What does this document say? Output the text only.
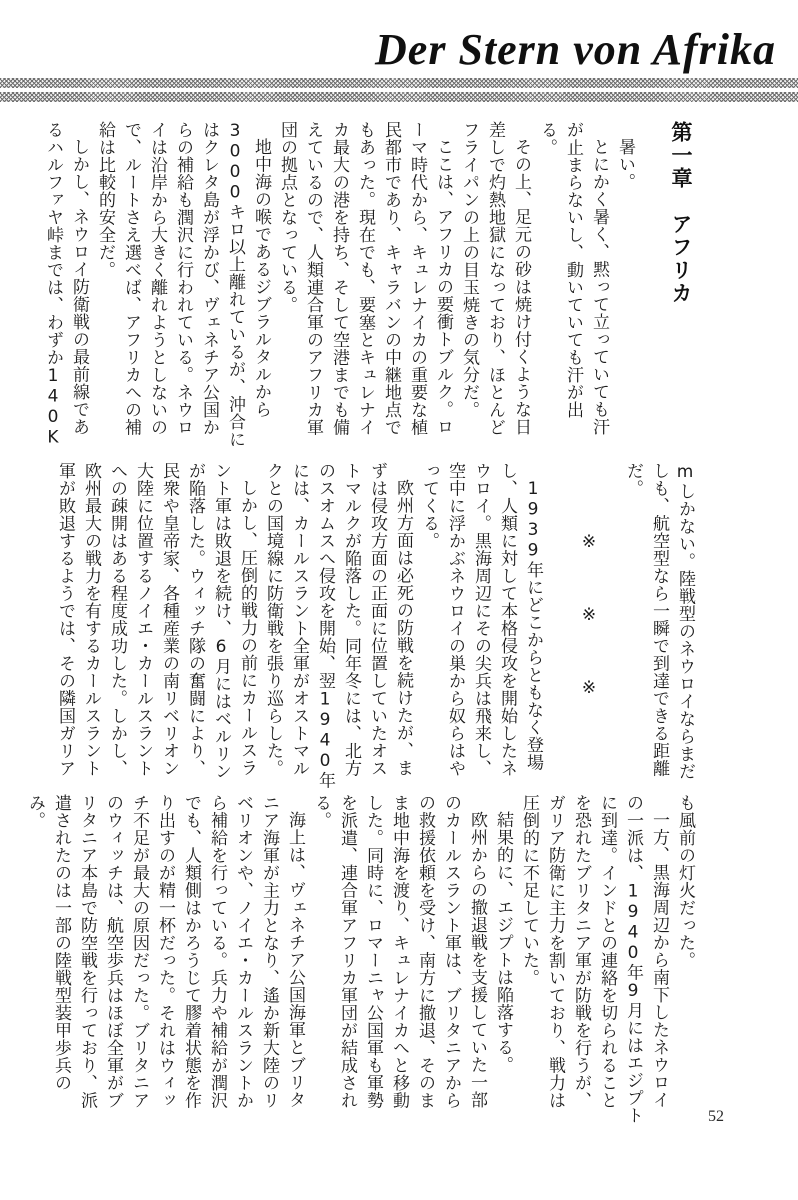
Der Stern von Afrika
第一章　アフリカ

暑い。

とにかく暑く、黙って立っていても汗が止まらないし、動いていても汗が出る。

その上、足元の砂は焼け付くような日差しで灼熱地獄になっており、ほとんどフライパンの上の目玉焼きの気分だ。

ここは、アフリカの要衝トブルク。ローマ時代から、キュレナイカの重要な植民都市であり、キャラバンの中継地点でもあった。現在でも、要塞とキュレナイカ最大の港を持ち、そして空港までも備えているので、人類連合軍のアフリカ軍団の拠点となっている。

地中海の喉であるジブラルタルから3000キロ以上離れているが、沖合にはクレタ島が浮かび、ヴェネチア公国からの補給も潤沢に行われている。ネウロイは沿岸から大きく離れようとしないので、ルートさえ選べば、アフリカへの補給は比較的安全だ。

しかし、ネウロイ防衛戦の最前線であるハルファヤ峠までは、わずか140K

mしかない。陸戦型のネウロイならまだしも、航空型なら一瞬で到達できる距離だ。

　　　　※　　　※　　　※

1939年にどこからともなく登場し、人類に対して本格侵攻を開始したネウロイ。黒海周辺にその尖兵は飛来し、空中に浮かぶネウロイの巣から奴らはやってくる。

欧州方面は必死の防戦を続けたが、まずは侵攻方面の正面に位置していたオストマルクが陥落した。同年冬には、北方のスオムスへ侵攻を開始、翌1940年には、カールスラント全軍がオストマルクとの国境線に防衛戦を張り巡らした。

しかし、圧倒的戦力の前にカールスラント軍は敗退を続け、6月にはベルリンが陥落した。ウィッチ隊の奮闘により、民衆や皇帝家、各種産業の南リベリオン大陸に位置するノイエ・カールスラントへの疎開はある程度成功した。しかし、欧州最大の戦力を有するカールスラント軍が敗退するようでは、その隣国ガリア

も風前の灯火だった。

一方、黒海周辺から南下したネウロイの一派は、1940年9月にはエジプトに到達。インドとの連絡を切られることを恐れたブリタニア軍が防戦を行うが、ガリア防衛に主力を割いており、戦力は圧倒的に不足していた。

結果的に、エジプトは陥落する。

欧州からの撤退戦を支援していた一部のカールスラント軍は、ブリタニアからの救援依頼を受け、南方に撤退、そのまま地中海を渡り、キュレナイカへと移動した。同時に、ロマーニャ公国軍も軍勢を派遣、連合軍アフリカ軍団が結成される。

海上は、ヴェネチア公国海軍とブリタニア海軍が主力となり、遙か新大陸のリベリオンや、ノイエ・カールスラントから補給を行っている。兵力や補給が潤沢でも、人類側はかろうじて膠着状態を作り出すのが精一杯だった。それはウィッチ不足が最大の原因だった。ブリタニアのウィッチは、航空歩兵はほぼ全軍がブリタニア本島で防空戦を行っており、派遣されたのは一部の陸戦型装甲歩兵のみ。

52
